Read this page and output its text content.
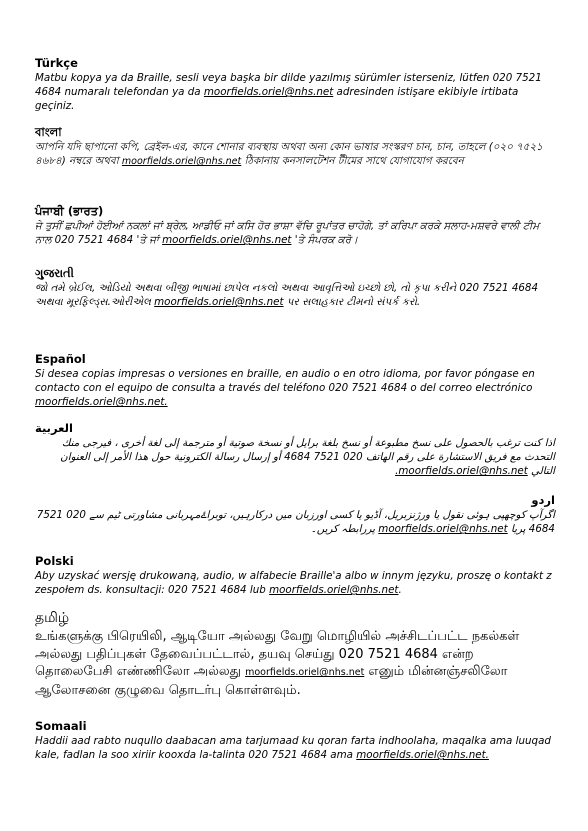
Türkçe

Matbu kopya ya da Braille, sesli veya başka bir dilde yazılmış sürümler isterseniz, lütfen 020 7521 4684 numaralı telefondan ya da moorfields.oriel@nhs.net adresinden istişare ekibiyle irtibata geçiniz.

বাংলা

আপনি যদি ছাপানো কপি, ব্রেইল-এর, কানে শোনার ব্যবস্থায় অথবা অন্য কোন ভাষার সংস্করণ চান, চান, তাহলে (০২০ ৭৫২১ ৪৬৮৪) নম্বরে অথবা moorfields.oriel@nhs.net ঠিকানায় কনসালটেশন টীমের সাথে যোগাযোগ করবেন

ਪੰਜਾਬੀ (ਭਾਰਤ)

ਜੇ ਤੁਸੀਂ ਛਪੀਆਂ ਹੋਈਆਂ ਨਕਲਾਂ ਜਾਂ ਬ੍ਰੇਲ, ਆਡੀਓ ਜਾਂ ਕਸਿ ਹੋਰ ਭਾਸ਼ਾ ਵੱਚਿ ਰੂਪਾਂਤਰ ਚਾਹੋਗੇ, ਤਾਂ ਕਰਿਪਾ ਕਰਕੇ ਸਲਾਹ-ਮਸ਼ਵਰੇ ਵਾਲੀ ਟੀਮ ਨਾਲ 020 7521 4684 'ਤੇ ਜਾਂ moorfields.oriel@nhs.net 'ਤੇ ਸੰਪਰਕ ਕਰੋ।

ગુજરાતી

જો તમે બ્રેઈલ, ઓડિયો અથવા બીજી ભાષામાં છાપેલ નકલો અથવા આવૃત્તિઓ ઇચ્છો છો, તો કૃપા કરીને 020 7521 4684 અથવા મૂરફિલ્ડ્સ.ઓરીએલ moorfields.oriel@nhs.net પર સલાહકાર ટીમનો સંપર્ક કરો.

Español

Si desea copias impresas o versiones en braille, en audio o en otro idioma, por favor póngase en contacto con el equipo de consulta a través del teléfono 020 7521 4684 o del correo electrónico moorfields.oriel@nhs.net.

العربية

اذا كنت ترغب بالحصول على نسخ مطبوعة أو نسخ بلغة برايل أو نسخة صوتية أو مترجمة إلى لغة أخرى ، فيرجى منك التحدث مع فريق الاستشارة على رقم الهاتف 020 7521 4684 أو إرسال رسالة الكترونية حول هذا الأمر إلى العنوان التالي moorfields.oriel@nhs.net.

اردو

اگرآپ کوچھپی ہوئی نقول یا ورژنزبریل، آڈیو یا کسی اورزبان میں درکارہیں، توبراۓمہربانی مشاورتی ٹیم سے 020 7521 4684 پریا moorfields.oriel@nhs.net پررابطہ کریں۔

Polski

Aby uzyskać wersję drukowaną, audio, w alfabecie Braille'a albo w innym języku, proszę o kontakt z zespołem ds. konsultacji: 020 7521 4684 lub moorfields.oriel@nhs.net.

தமிழ்

உங்களுக்கு பிரெயிலி, ஆடியோ அல்லது வேறு மொழியில் அச்சிடப்பட்ட நகல்கள் அல்லது பதிப்புகள் தேவைப்பட்டால், தயவு செய்து 020 7521 4684 என்ற தொலைபேசி எண்ணிலோ அல்லது moorfields.oriel@nhs.net எனும் மின்னஞ்சலிலோ ஆலோசனை குழுவை தொடர்பு கொள்ளவும்.

Somaali

Haddii aad rabto nuqullo daabacan ama tarjumaad ku qoran farta indhoolaha, maqalka ama luuqad kale, fadlan la soo xiriir kooxda la-talinta 020 7521 4684 ama moorfields.oriel@nhs.net.
